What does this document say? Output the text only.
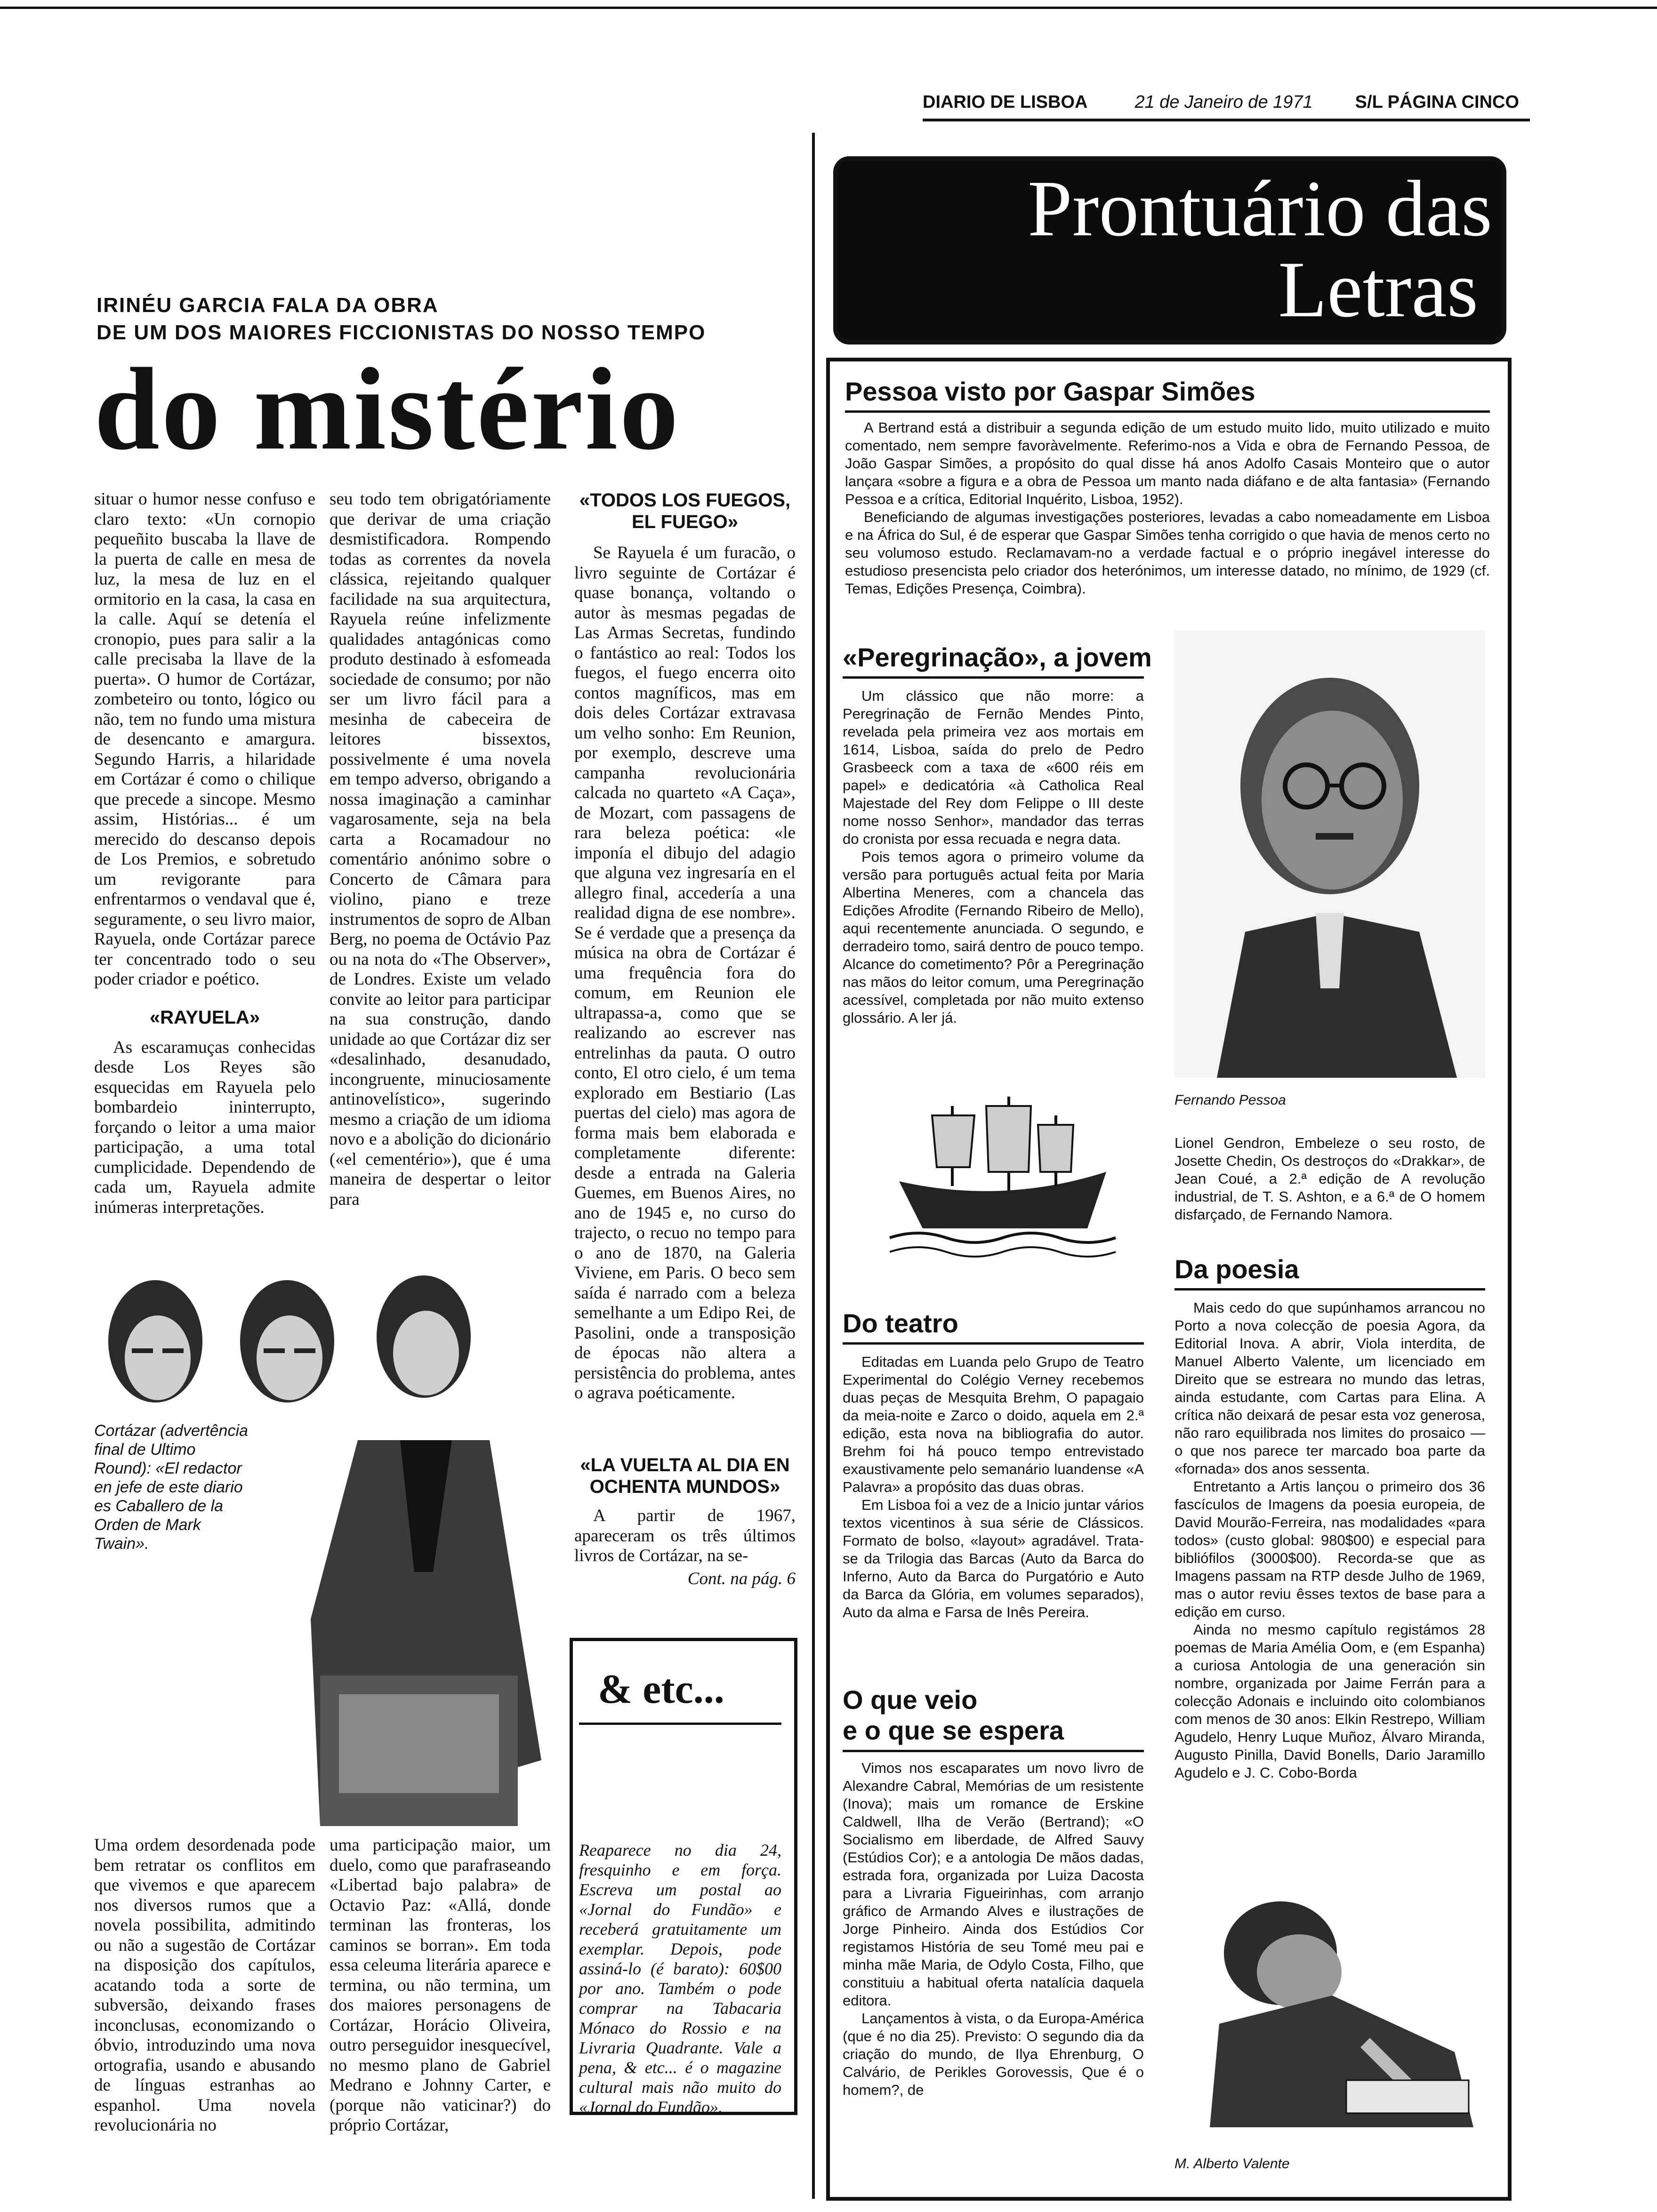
DIARIO DE LISBOA	21 de Janeiro de 1971 S/L PÁGINA CINCO
IRINÉU GARCIA FALA DA OBRA
DE UM DOS MAIORES FICCIONISTAS DO NOSSO TEMPO
do mistério

situar o humor nesse confuso e claro texto: «Un cornopio pequeñito buscaba la llave de la puerta de calle en mesa de luz, la mesa de luz en el ormitorio en la casa, la casa en la calle. Aquí se detenía el cronopio, pues para salir a la calle precisaba la llave de la puerta». O humor de Cortázar, zombeteiro ou tonto, lógico ou não, tem no fundo uma mistura de desencanto e amargura. Segundo Harris, a hilaridade em Cortázar é como o chilique que precede a sincope. Mesmo assim, Histórias... é um merecido do descanso depois de Los Premios, e sobretudo um revigorante para enfrentarmos o vendaval que é, seguramente, o seu livro maior, Rayuela, onde Cortázar parece ter concentrado todo o seu poder criador e poético.

«RAYUELA»

As escaramuças conhecidas desde Los Reyes são esquecidas em Rayuela pelo bombardeio ininterrupto, forçando o leitor a uma maior participação, a uma total cumplicidade. Dependendo de cada um, Rayuela admite inúmeras interpretações.

seu todo tem obrigatóriamente que derivar de uma criação desmistificadora. Rompendo todas as correntes da novela clássica, rejeitando qualquer facilidade na sua arquitectura, Rayuela reúne infelizmente qualidades antagónicas como produto destinado à esfomeada sociedade de consumo; por não ser um livro fácil para a mesinha de cabeceira de leitores bissextos, possivelmente é uma novela em tempo adverso, obrigando a nossa imaginação a caminhar vagarosamente, seja na bela carta a Rocamadour no comentário anónimo sobre o Concerto de Câmara para violino, piano e treze instrumentos de sopro de Alban Berg, no poema de Octávio Paz ou na nota do «The Observer», de Londres. Existe um velado convite ao leitor para participar na sua construção, dando unidade ao que Cortázar diz ser «desalinhado, desanudado, incongruente, minuciosamente antinovelístico», sugerindo mesmo a criação de um idioma novo e a abolição do dicionário («el cementério»), que é uma maneira de despertar o leitor para

«TODOS LOS FUEGOS, EL FUEGO»

Se Rayuela é um furacão, o livro seguinte de Cortázar é quase bonança, voltando o autor às mesmas pegadas de Las Armas Secretas, fundindo o fantástico ao real: Todos los fuegos, el fuego encerra oito contos magníficos, mas em dois deles Cortázar extravasa um velho sonho: Em Reunion, por exemplo, descreve uma campanha revolucionária calcada no quarteto «A Caça», de Mozart, com passagens de rara beleza poética: «le imponía el dibujo del adagio que alguna vez ingresaría en el allegro final, accedería a una realidad digna de ese nombre». Se é verdade que a presença da música na obra de Cortázar é uma frequência fora do comum, em Reunion ele ultrapassa-a, como que se realizando ao escrever nas entrelinhas da pauta. O outro conto, El otro cielo, é um tema explorado em Bestiario (Las puertas del cielo) mas agora de forma mais bem elaborada e completamente diferente: desde a entrada na Galeria Guemes, em Buenos Aires, no ano de 1945 e, no curso do trajecto, o recuo no tempo para o ano de 1870, na Galeria Viviene, em Paris. O beco sem saída é narrado com a beleza semelhante a um Edipo Rei, de Pasolini, onde a transposição de épocas não altera a persistência do problema, antes o agrava poéticamente.

«LA VUELTA AL DIA EN OCHENTA MUNDOS»

A partir de 1967, apareceram os três últimos livros de Cortázar, na se-

Cont. na pág. 6
Cortázar (advertência final de Ultimo Round): «El redactor en jefe de este diario es Caballero de la Orden de Mark Twain».

Uma ordem desordenada pode bem retratar os conflitos em que vivemos e que aparecem nos diversos rumos que a novela possibilita, admitindo ou não a sugestão de Cortázar na disposição dos capítulos, acatando toda a sorte de subversão, deixando frases inconclusas, economizando o óbvio, introduzindo uma nova ortografia, usando e abusando de línguas estranhas ao espanhol. Uma novela revolucionária no

uma participação maior, um duelo, como que parafraseando «Libertad bajo palabra» de Octavio Paz: «Allá, donde terminan las fronteras, los caminos se borran». Em toda essa celeuma literária aparece e termina, ou não termina, um dos maiores personagens de Cortázar, Horácio Oliveira, outro perseguidor inesquecível, no mesmo plano de Gabriel Medrano e Johnny Carter, e (porque não vaticinar?) do próprio Cortázar,

& etc...
Reaparece no dia 24, fresquinho e em força. Escreva um postal ao «Jornal do Fundão» e receberá gratuitamente um exemplar. Depois, pode assiná-lo (é barato): 60$00 por ano. Também o pode comprar na Tabacaria Mónaco do Rossio e na Livraria Quadrante. Vale a pena, & etc... é o magazine cultural mais não muito do «Jornal do Fundão».
Prontuário das
Letras
Pessoa visto por Gaspar Simões

A Bertrand está a distribuir a segunda edição de um estudo muito lido, muito utilizado e muito comentado, nem sempre favoràvelmente. Referimo-nos a Vida e obra de Fernando Pessoa, de João Gaspar Simões, a propósito do qual disse há anos Adolfo Casais Monteiro que o autor lançara «sobre a figura e a obra de Pessoa um manto nada diáfano e de alta fantasia» (Fernando Pessoa e a crítica, Editorial Inquérito, Lisboa, 1952).

Beneficiando de algumas investigações posteriores, levadas a cabo nomeadamente em Lisboa e na África do Sul, é de esperar que Gaspar Simões tenha corrigido o que havia de menos certo no seu volumoso estudo. Reclamavam-no a verdade factual e o próprio inegável interesse do estudioso presencista pelo criador dos heterónimos, um interesse datado, no mínimo, de 1929 (cf. Temas, Edições Presença, Coimbra).

«Peregrinação», a jovem

Um clássico que não morre: a Peregrinação de Fernão Mendes Pinto, revelada pela primeira vez aos mortais em 1614, Lisboa, saída do prelo de Pedro Grasbeeck com a taxa de «600 réis em papel» e dedicatória «à Catholica Real Majestade del Rey dom Felippe o III deste nome nosso Senhor», mandador das terras do cronista por essa recuada e negra data.

Pois temos agora o primeiro volume da versão para português actual feita por Maria Albertina Meneres, com a chancela das Edições Afrodite (Fernando Ribeiro de Mello), aqui recentemente anunciada. O segundo, e derradeiro tomo, sairá dentro de pouco tempo. Alcance do cometimento? Pôr a Peregrinação nas mãos do leitor comum, uma Peregrinação acessível, completada por não muito extenso glossário. A ler já.

Fernando Pessoa

Lionel Gendron, Embeleze o seu rosto, de Josette Chedin, Os destroços do «Drakkar», de Jean Coué, a 2.ª edição de A revolução industrial, de T. S. Ashton, e a 6.ª de O homem disfarçado, de Fernando Namora.

Do teatro

Editadas em Luanda pelo Grupo de Teatro Experimental do Colégio Verney recebemos duas peças de Mesquita Brehm, O papagaio da meia-noite e Zarco o doido, aquela em 2.ª edição, esta nova na bibliografia do autor. Brehm foi há pouco tempo entrevistado exaustivamente pelo semanário luandense «A Palavra» a propósito das duas obras.

Em Lisboa foi a vez de a Inicio juntar vários textos vicentinos à sua série de Clássicos. Formato de bolso, «layout» agradável. Trata-se da Trilogia das Barcas (Auto da Barca do Inferno, Auto da Barca do Purgatório e Auto da Barca da Glória, em volumes separados), Auto da alma e Farsa de Inês Pereira.

O que veio
e o que se espera

Vimos nos escaparates um novo livro de Alexandre Cabral, Memórias de um resistente (Inova); mais um romance de Erskine Caldwell, Ilha de Verão (Bertrand); «O Socialismo em liberdade, de Alfred Sauvy (Estúdios Cor); e a antologia De mãos dadas, estrada fora, organizada por Luiza Dacosta para a Livraria Figueirinhas, com arranjo gráfico de Armando Alves e ilustrações de Jorge Pinheiro. Ainda dos Estúdios Cor registamos História de seu Tomé meu pai e minha mãe Maria, de Odylo Costa, Filho, que constituiu a habitual oferta natalícia daquela editora.

Lançamentos à vista, o da Europa-América (que é no dia 25). Previsto: O segundo dia da criação do mundo, de Ilya Ehrenburg, O Calvário, de Perikles Gorovessis, Que é o homem?, de

Da poesia

Mais cedo do que supúnhamos arrancou no Porto a nova colecção de poesia Agora, da Editorial Inova. A abrir, Viola interdita, de Manuel Alberto Valente, um licenciado em Direito que se estreara no mundo das letras, ainda estudante, com Cartas para Elina. A crítica não deixará de pesar esta voz generosa, não raro equilibrada nos limites do prosaico — o que nos parece ter marcado boa parte da «fornada» dos anos sessenta.

Entretanto a Artis lançou o primeiro dos 36 fascículos de Imagens da poesia europeia, de David Mourão-Ferreira, nas modalidades «para todos» (custo global: 980$00) e especial para bibliófilos (3000$00). Recorda-se que as Imagens passam na RTP desde Julho de 1969, mas o autor reviu êsses textos de base para a edição em curso.

Ainda no mesmo capítulo registámos 28 poemas de Maria Amélia Oom, e (em Espanha) a curiosa Antologia de una generación sin nombre, organizada por Jaime Ferrán para a colecção Adonais e incluindo oito colombianos com menos de 30 anos: Elkin Restrepo, William Agudelo, Henry Luque Muñoz, Álvaro Miranda, Augusto Pinilla, David Bonells, Dario Jaramillo Agudelo e J. C. Cobo-Borda

M. Alberto Valente
